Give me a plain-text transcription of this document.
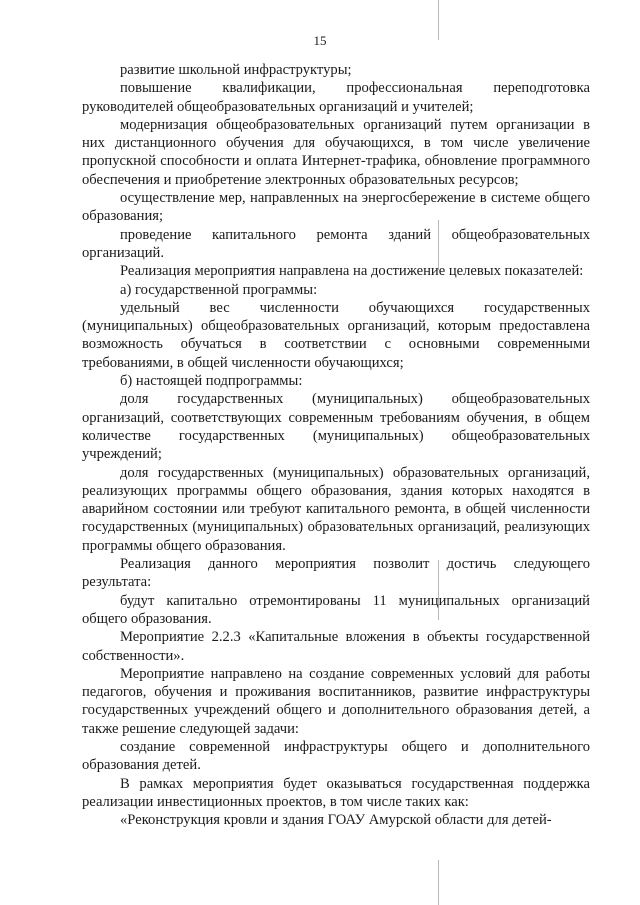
15

развитие школьной инфраструктуры;

повышение квалификации, профессиональная переподготовка руководителей общеобразовательных организаций и учителей;

модернизация общеобразовательных организаций путем организации в них дистанционного обучения для обучающихся, в том числе увеличение пропускной способности и оплата Интернет-трафика, обновление программного обеспечения и приобретение электронных образовательных ресурсов;

осуществление мер, направленных на энергосбережение в системе общего образования;

проведение капитального ремонта зданий общеобразовательных организаций.

Реализация мероприятия направлена на достижение целевых показателей:

а) государственной программы:

удельный вес численности обучающихся государственных (муниципальных) общеобразовательных организаций, которым предоставлена возможность обучаться в соответствии с основными современными требованиями, в общей численности обучающихся;

б) настоящей подпрограммы:

доля государственных (муниципальных) общеобразовательных организаций, соответствующих современным требованиям обучения, в общем количестве государственных (муниципальных) общеобразовательных учреждений;

доля государственных (муниципальных) образовательных организаций, реализующих программы общего образования, здания которых находятся в аварийном состоянии или требуют капитального ремонта, в общей численности государственных (муниципальных) образовательных организаций, реализующих программы общего образования.

Реализация данного мероприятия позволит достичь следующего результата:

будут капитально отремонтированы 11 муниципальных организаций общего образования.

Мероприятие 2.2.3 «Капитальные вложения в объекты государственной собственности».

Мероприятие направлено на создание современных условий для работы педагогов, обучения и проживания воспитанников, развитие инфраструктуры государственных учреждений общего и дополнительного образования детей, а также решение следующей задачи:

создание современной инфраструктуры общего и дополнительного образования детей.

В рамках мероприятия будет оказываться государственная поддержка реализации инвестиционных проектов, в том числе таких как:

«Реконструкция кровли и здания ГОАУ Амурской области для детей-
